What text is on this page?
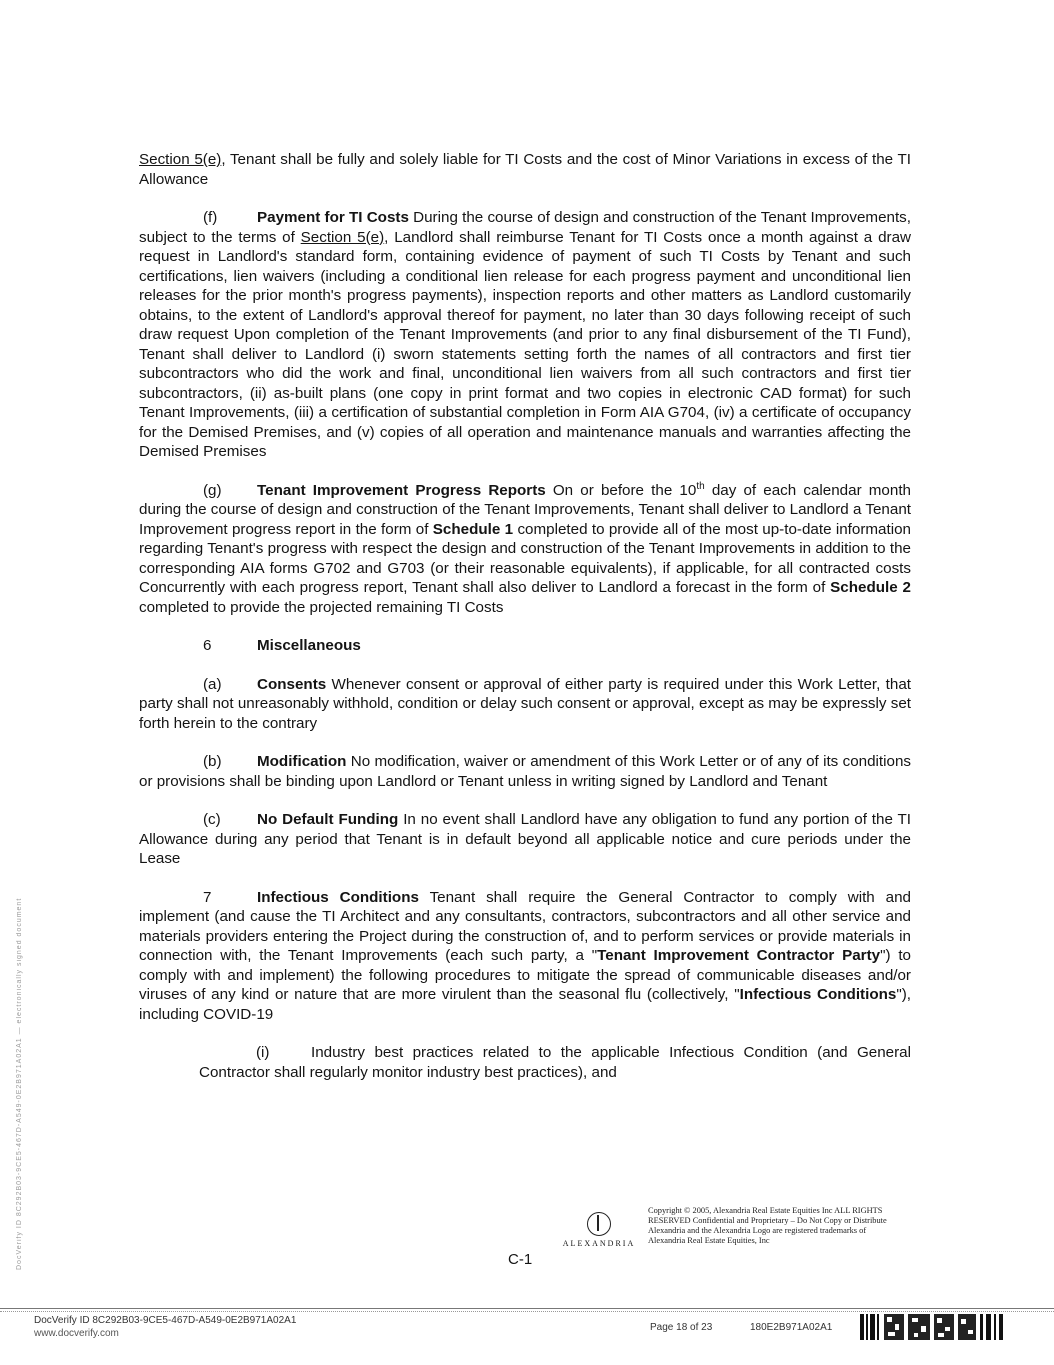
Section 5(e), Tenant shall be fully and solely liable for TI Costs and the cost of Minor Variations in excess of the TI Allowance

(f)	Payment for TI Costs During the course of design and construction of the Tenant Improvements, subject to the terms of Section 5(e), Landlord shall reimburse Tenant for TI Costs once a month against a draw request in Landlord's standard form, containing evidence of payment of such TI Costs by Tenant and such certifications, lien waivers (including a conditional lien release for each progress payment and unconditional lien releases for the prior month's progress payments), inspection reports and other matters as Landlord customarily obtains, to the extent of Landlord's approval thereof for payment, no later than 30 days following receipt of such draw request Upon completion of the Tenant Improvements (and prior to any final disbursement of the TI Fund), Tenant shall deliver to Landlord (i) sworn statements setting forth the names of all contractors and first tier subcontractors who did the work and final, unconditional lien waivers from all such contractors and first tier subcontractors, (ii) as-built plans (one copy in print format and two copies in electronic CAD format) for such Tenant Improvements, (iii) a certification of substantial completion in Form AIA G704, (iv) a certificate of occupancy for the Demised Premises, and (v) copies of all operation and maintenance manuals and warranties affecting the Demised Premises

(g) Tenant Improvement Progress Reports On or before the 10th day of each calendar month during the course of design and construction of the Tenant Improvements, Tenant shall deliver to Landlord a Tenant Improvement progress report in the form of Schedule 1 completed to provide all of the most up-to-date information regarding Tenant's progress with respect the design and construction of the Tenant Improvements in addition to the corresponding AIA forms G702 and G703 (or their reasonable equivalents), if applicable, for all contracted costs Concurrently with each progress report, Tenant shall also deliver to Landlord a forecast in the form of Schedule 2 completed to provide the projected remaining TI Costs

6	Miscellaneous

(a) Consents Whenever consent or approval of either party is required under this Work Letter, that party shall not unreasonably withhold, condition or delay such consent or approval, except as may be expressly set forth herein to the contrary

(b) Modification No modification, waiver or amendment of this Work Letter or of any of its conditions or provisions shall be binding upon Landlord or Tenant unless in writing signed by Landlord and Tenant

(c) No Default Funding In no event shall Landlord have any obligation to fund any portion of the TI Allowance during any period that Tenant is in default beyond all applicable notice and cure periods under the Lease

7	Infectious Conditions Tenant shall require the General Contractor to comply with and implement (and cause the TI Architect and any consultants, contractors, subcontractors and all other service and materials providers entering the Project during the construction of, and to perform services or provide materials in connection with, the Tenant Improvements (each such party, a "Tenant Improvement Contractor Party") to comply with and implement) the following procedures to mitigate the spread of communicable diseases and/or viruses of any kind or nature that are more virulent than the seasonal flu (collectively, "Infectious Conditions"), including COVID-19

(i)	Industry best practices related to the applicable Infectious Condition (and General Contractor shall regularly monitor industry best practices), and

DocVerify ID 8C292B03-9CE5-467D-A549-0E2B971A02A1 — electronically signed document	ALEXANDRIA
Copyright © 2005, Alexandria Real Estate Equities Inc ALL RIGHTS RESERVED Confidential and Proprietary – Do Not Copy or Distribute Alexandria and the Alexandria Logo are registered trademarks of Alexandria Real Estate Equities, Inc
C-1
DocVerify ID 8C292B03-9CE5-467D-A549-0E2B971A02A1
www.docverify.com
Page 18 of 23	180E2B971A02A1
